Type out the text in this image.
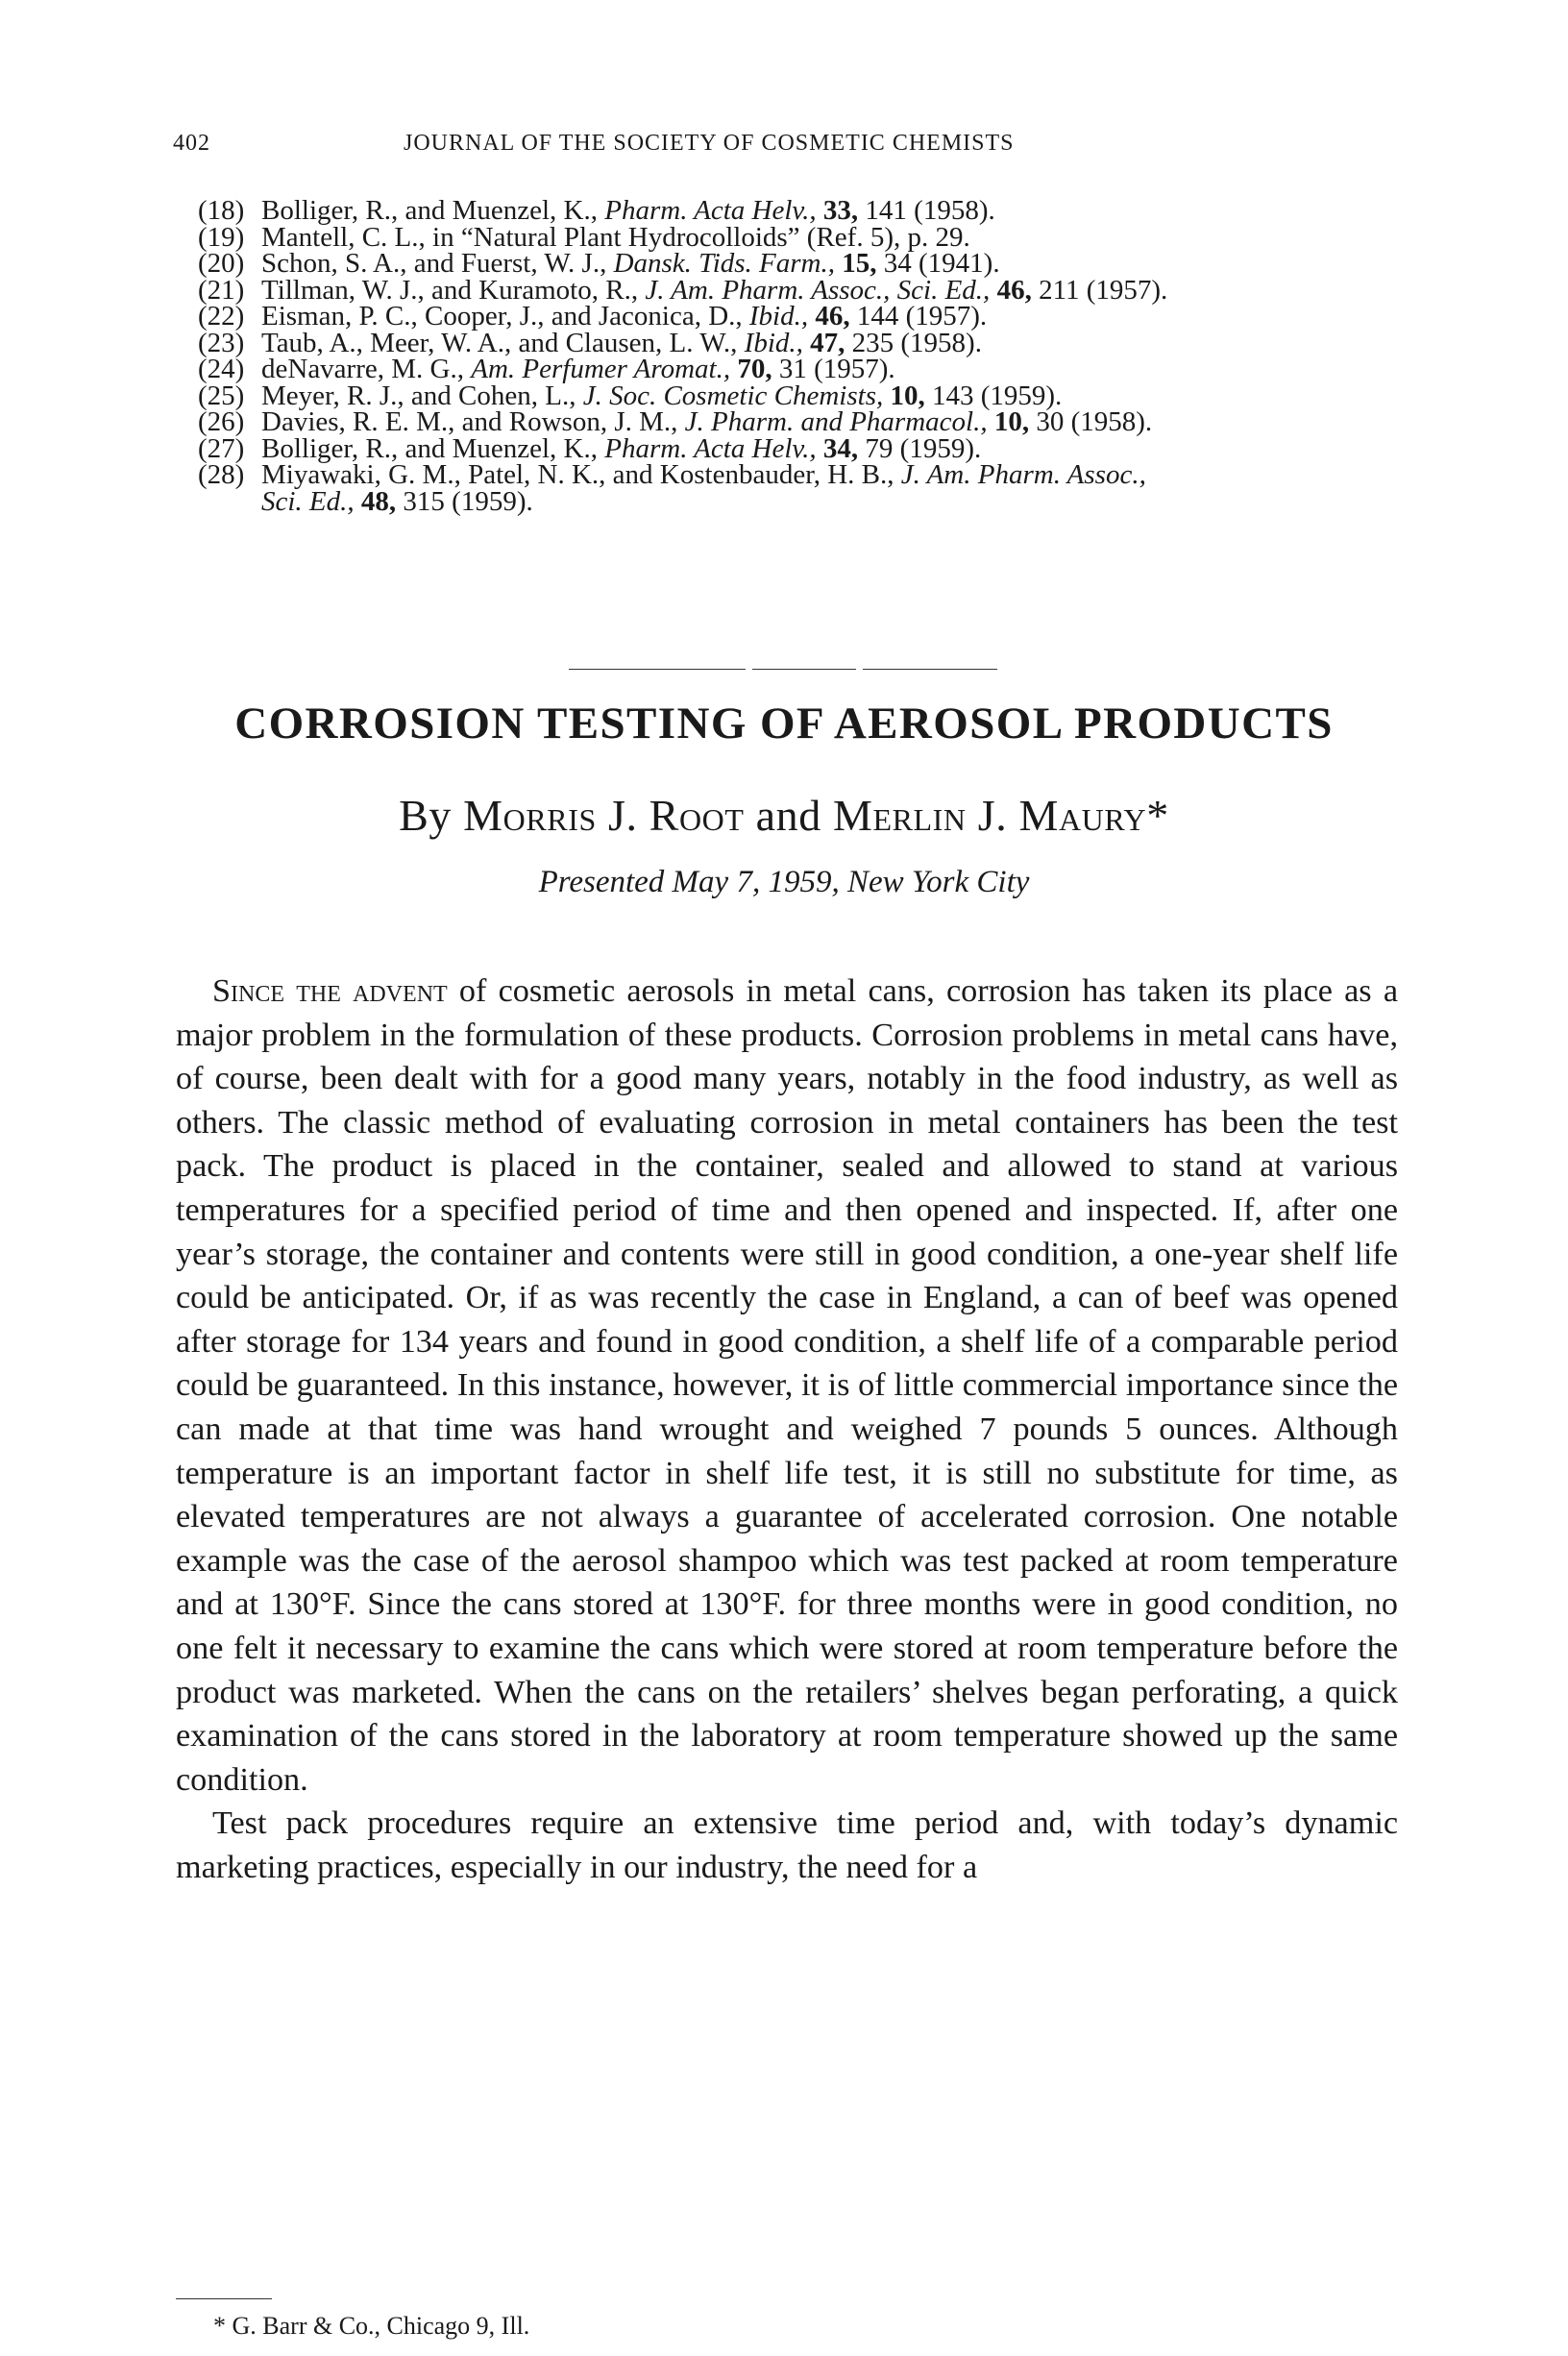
402	JOURNAL OF THE SOCIETY OF COSMETIC CHEMISTS
(18) Bolliger, R., and Muenzel, K., Pharm. Acta Helv., 33, 141 (1958).
(19) Mantell, C. L., in “Natural Plant Hydrocolloids” (Ref. 5), p. 29.
(20) Schon, S. A., and Fuerst, W. J., Dansk. Tids. Farm., 15, 34 (1941).
(21) Tillman, W. J., and Kuramoto, R., J. Am. Pharm. Assoc., Sci. Ed., 46, 211 (1957).
(22) Eisman, P. C., Cooper, J., and Jaconica, D., Ibid., 46, 144 (1957).
(23) Taub, A., Meer, W. A., and Clausen, L. W., Ibid., 47, 235 (1958).
(24) deNavarre, M. G., Am. Perfumer Aromat., 70, 31 (1957).
(25) Meyer, R. J., and Cohen, L., J. Soc. Cosmetic Chemists, 10, 143 (1959).
(26) Davies, R. E. M., and Rowson, J. M., J. Pharm. and Pharmacol., 10, 30 (1958).
(27) Bolliger, R., and Muenzel, K., Pharm. Acta Helv., 34, 79 (1959).
(28) Miyawaki, G. M., Patel, N. K., and Kostenbauder, H. B., J. Am. Pharm. Assoc.,
Sci. Ed., 48, 315 (1959).
CORROSION TESTING OF AEROSOL PRODUCTS
By Morris J. Root and Merlin J. Maury*
Presented May 7, 1959, New York City

Since the advent of cosmetic aerosols in metal cans, corrosion has taken its place as a major problem in the formulation of these products. Corrosion problems in metal cans have, of course, been dealt with for a good many years, notably in the food industry, as well as others. The classic method of evaluating corrosion in metal containers has been the test pack. The product is placed in the container, sealed and allowed to stand at various temperatures for a specified period of time and then opened and inspected. If, after one year’s storage, the container and contents were still in good condition, a one-year shelf life could be anticipated. Or, if as was recently the case in England, a can of beef was opened after storage for 134 years and found in good condition, a shelf life of a comparable period could be guaranteed. In this instance, however, it is of little commercial importance since the can made at that time was hand wrought and weighed 7 pounds 5 ounces. Although temperature is an important factor in shelf life test, it is still no substitute for time, as elevated temperatures are not always a guarantee of accelerated corrosion. One notable example was the case of the aerosol shampoo which was test packed at room temperature and at 130°F. Since the cans stored at 130°F. for three months were in good condition, no one felt it necessary to examine the cans which were stored at room temperature before the product was marketed. When the cans on the retailers’ shelves began perforating, a quick examination of the cans stored in the laboratory at room temperature showed up the same condition.

Test pack procedures require an extensive time period and, with today’s dynamic marketing practices, especially in our industry, the need for a

* G. Barr & Co., Chicago 9, Ill.
